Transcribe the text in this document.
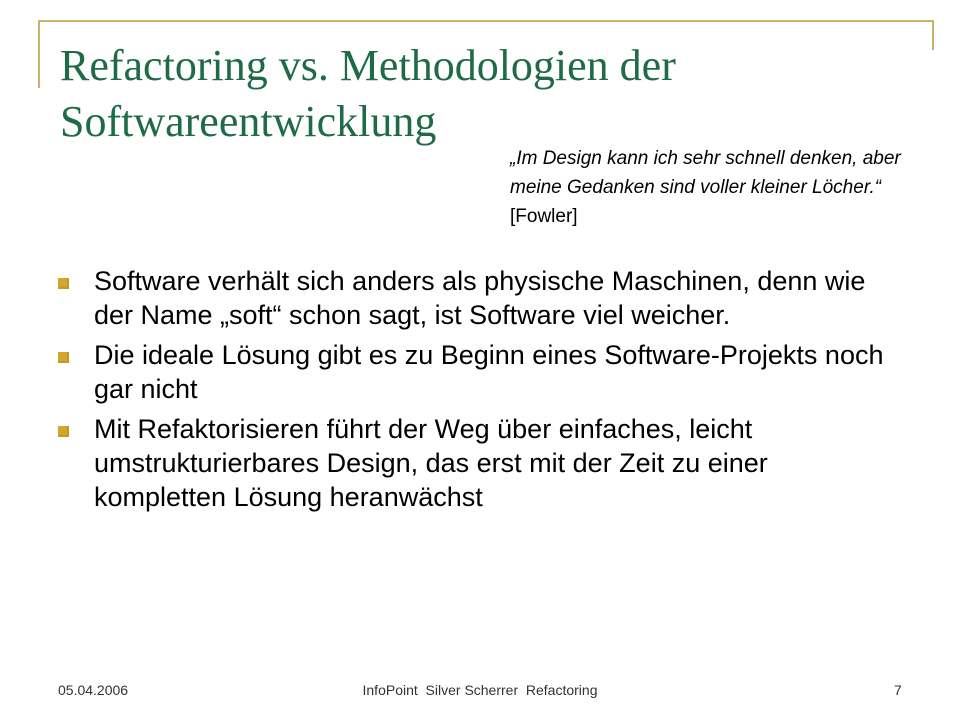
Refactoring vs. Methodologien der Softwareentwicklung
„Im Design kann ich sehr schnell denken, aber meine Gedanken sind voller kleiner Löcher.“ [Fowler]
Software verhält sich anders als physische Maschinen, denn wie der Name „soft“ schon sagt, ist Software viel weicher.
Die ideale Lösung gibt es zu Beginn eines Software-Projekts noch gar nicht
Mit Refaktorisieren führt der Weg über einfaches, leicht umstrukturierbares Design, das erst mit der Zeit zu einer kompletten Lösung heranwächst
05.04.2006	InfoPoint  Silver Scherrer  Refactoring	7
